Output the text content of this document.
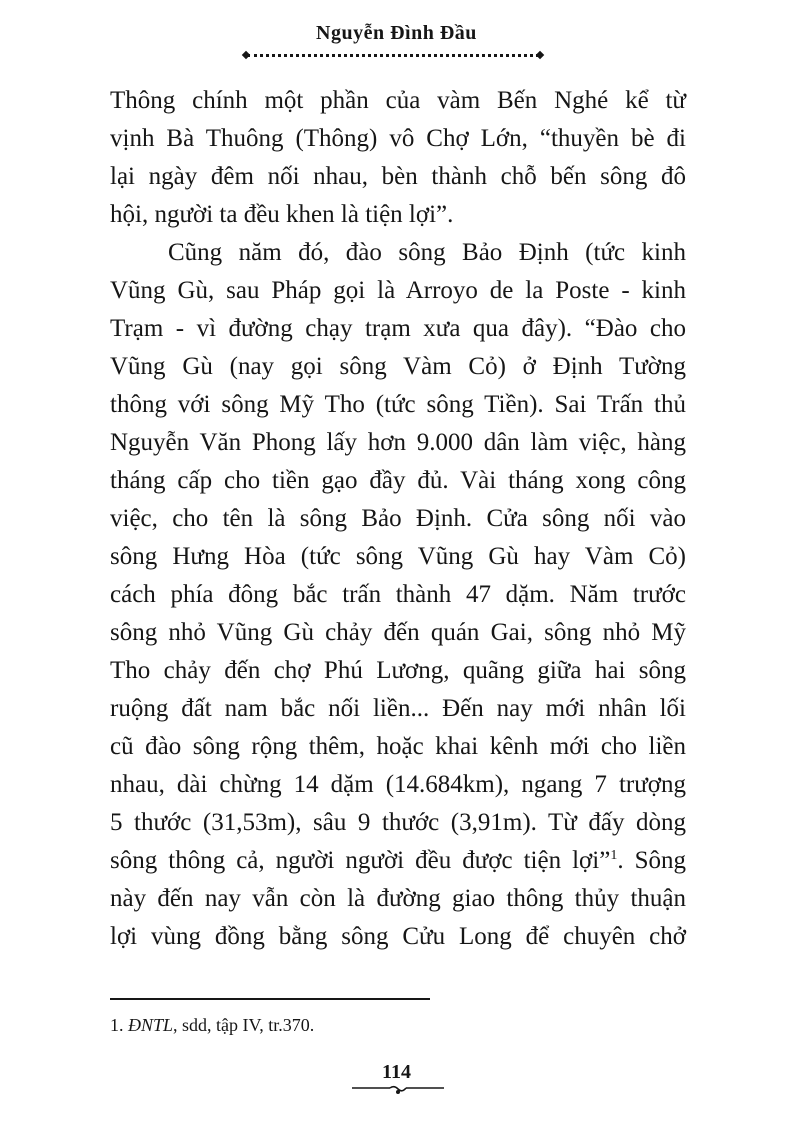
Nguyễn Đình Đầu
Thông chính một phần của vàm Bến Nghé kể từ
vịnh Bà Thuông (Thông) vô Chợ Lớn, “thuyền bè đi
lại ngày đêm nối nhau, bèn thành chỗ bến sông đô
hội, người ta đều khen là tiện lợi”.
Cũng năm đó, đào sông Bảo Định (tức kinh
Vũng Gù, sau Pháp gọi là Arroyo de la Poste - kinh
Trạm - vì đường chạy trạm xưa qua đây). “Đào cho
Vũng Gù (nay gọi sông Vàm Cỏ) ở Định Tường
thông với sông Mỹ Tho (tức sông Tiền). Sai Trấn thủ
Nguyễn Văn Phong lấy hơn 9.000 dân làm việc, hàng
tháng cấp cho tiền gạo đầy đủ. Vài tháng xong công
việc, cho tên là sông Bảo Định. Cửa sông nối vào
sông Hưng Hòa (tức sông Vũng Gù hay Vàm Cỏ)
cách phía đông bắc trấn thành 47 dặm. Năm trước
sông nhỏ Vũng Gù chảy đến quán Gai, sông nhỏ Mỹ
Tho chảy đến chợ Phú Lương, quãng giữa hai sông
ruộng đất nam bắc nối liền... Đến nay mới nhân lối
cũ đào sông rộng thêm, hoặc khai kênh mới cho liền
nhau, dài chừng 14 dặm (14.684km), ngang 7 trượng
5 thước (31,53m), sâu 9 thước (3,91m). Từ đấy dòng
sông thông cả, người người đều được tiện lợi”$^1$. Sông
này đến nay vẫn còn là đường giao thông thủy thuận
lợi vùng đồng bằng sông Cửu Long để chuyên chở
1. ĐNTL, sdd, tập IV, tr.370.
114
